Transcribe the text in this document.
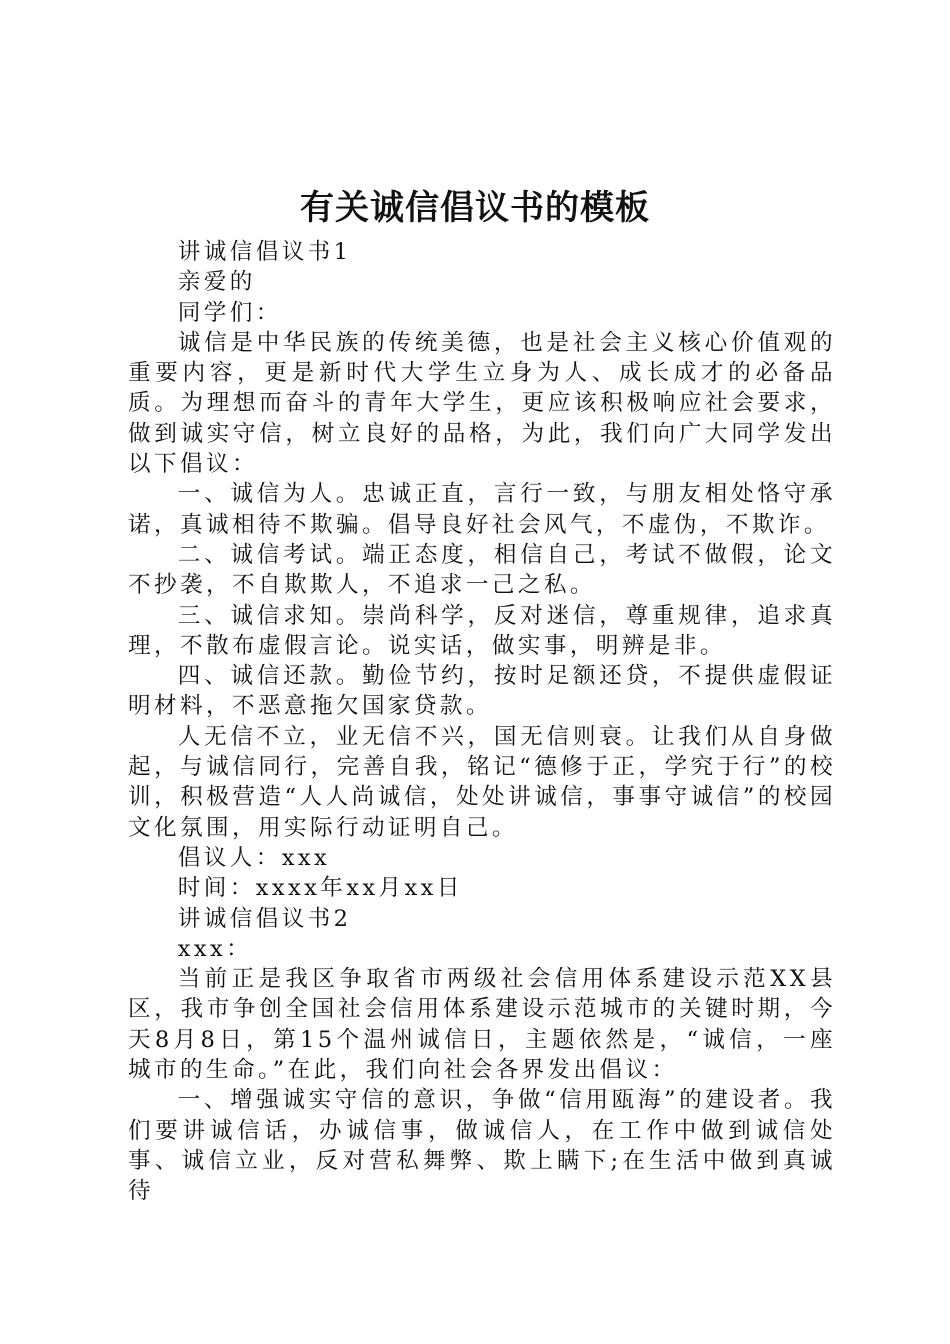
有关诚信倡议书的模板

讲诚信倡议书1

亲爱的

同学们：

诚信是中华民族的传统美德，也是社会主义核心价值观的重要内容，更是新时代大学生立身为人、成长成才的必备品质。为理想而奋斗的青年大学生，更应该积极响应社会要求，做到诚实守信，树立良好的品格，为此，我们向广大同学发出以下倡议：

一、诚信为人。忠诚正直，言行一致，与朋友相处恪守承诺，真诚相待不欺骗。倡导良好社会风气，不虚伪，不欺诈。

二、诚信考试。端正态度，相信自己，考试不做假，论文不抄袭，不自欺欺人，不追求一己之私。

三、诚信求知。崇尚科学，反对迷信，尊重规律，追求真理，不散布虚假言论。说实话，做实事，明辨是非。

四、诚信还款。勤俭节约，按时足额还贷，不提供虚假证明材料，不恶意拖欠国家贷款。

人无信不立，业无信不兴，国无信则衰。让我们从自身做起，与诚信同行，完善自我，铭记“德修于正，学究于行”的校训，积极营造“人人尚诚信，处处讲诚信，事事守诚信”的校园文化氛围，用实际行动证明自己。

倡议人：xxx

时间：xxxx年xx月xx日

讲诚信倡议书2

xxx：

当前正是我区争取省市两级社会信用体系建设示范XX县区，我市争创全国社会信用体系建设示范城市的关键时期，今天8月8日，第15个温州诚信日，主题依然是，“诚信，一座城市的生命。”在此，我们向社会各界发出倡议：

一、增强诚实守信的意识，争做“信用瓯海”的建设者。我们要讲诚信话，办诚信事，做诚信人，在工作中做到诚信处事、诚信立业，反对营私舞弊、欺上瞒下;在生活中做到真诚待
